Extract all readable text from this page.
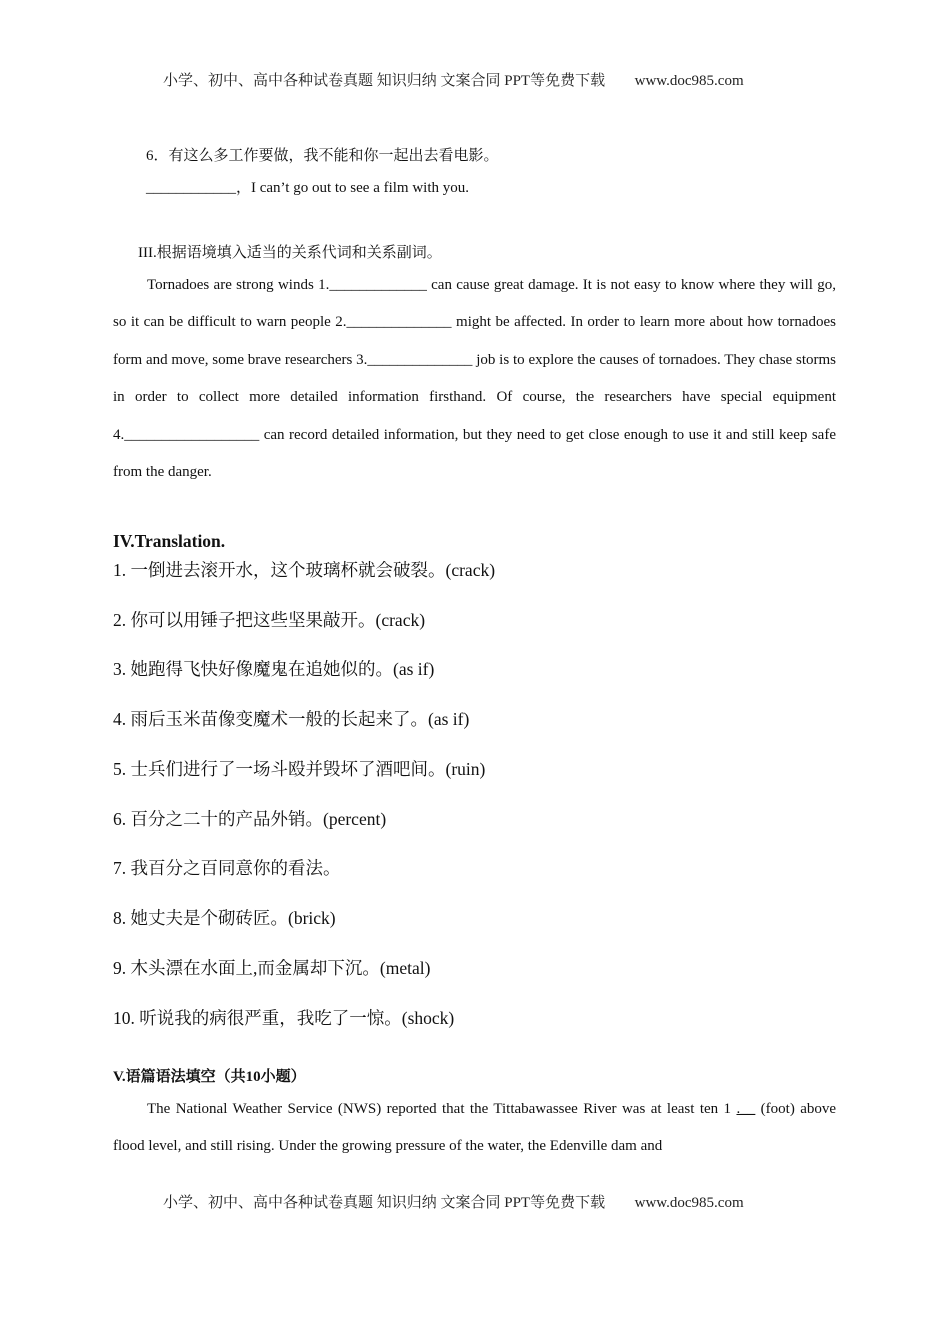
小学、初中、高中各种试卷真题 知识归纳 文案合同 PPT等免费下载 www.doc985.com
6．有这么多工作要做，我不能和你一起出去看电影。
____________，I can’t go out to see a film with you.
III.根据语境填入适当的关系代词和关系副词。

Tornadoes are strong winds 1._____________ can cause great damage. It is not easy to know where they will go, so it can be difficult to warn people 2.______________ might be affected. In order to learn more about how tornadoes form and move, some brave researchers 3.______________ job is to explore the causes of tornadoes. They chase storms in order to collect more detailed information firsthand. Of course, the researchers have special equipment 4.__________________ can record detailed information, but they need to get close enough to use it and still keep safe from the danger.

IV.Translation.
1. 一倒进去滚开水，这个玻璃杯就会破裂。(crack)
2. 你可以用锤子把这些坚果敲开。(crack)
3. 她跑得飞快好像魔鬼在追她似的。(as if)
4. 雨后玉米苗像变魔术一般的长起来了。(as if)
5. 士兵们进行了一场斗殴并毁坏了酒吧间。(ruin)
6. 百分之二十的产品外销。(percent)
7. 我百分之百同意你的看法。
8. 她丈夫是个砌砖匠。(brick)
9. 木头漂在水面上,而金属却下沉。(metal)
10. 听说我的病很严重，我吃了一惊。(shock)
V.语篇语法填空（共10小题）

The National Weather Service (NWS) reported that the Tittabawassee River was at least ten 1 .__ (foot) above flood level, and still rising. Under the growing pressure of the water, the Edenville dam and

小学、初中、高中各种试卷真题 知识归纳 文案合同 PPT等免费下载 www.doc985.com
